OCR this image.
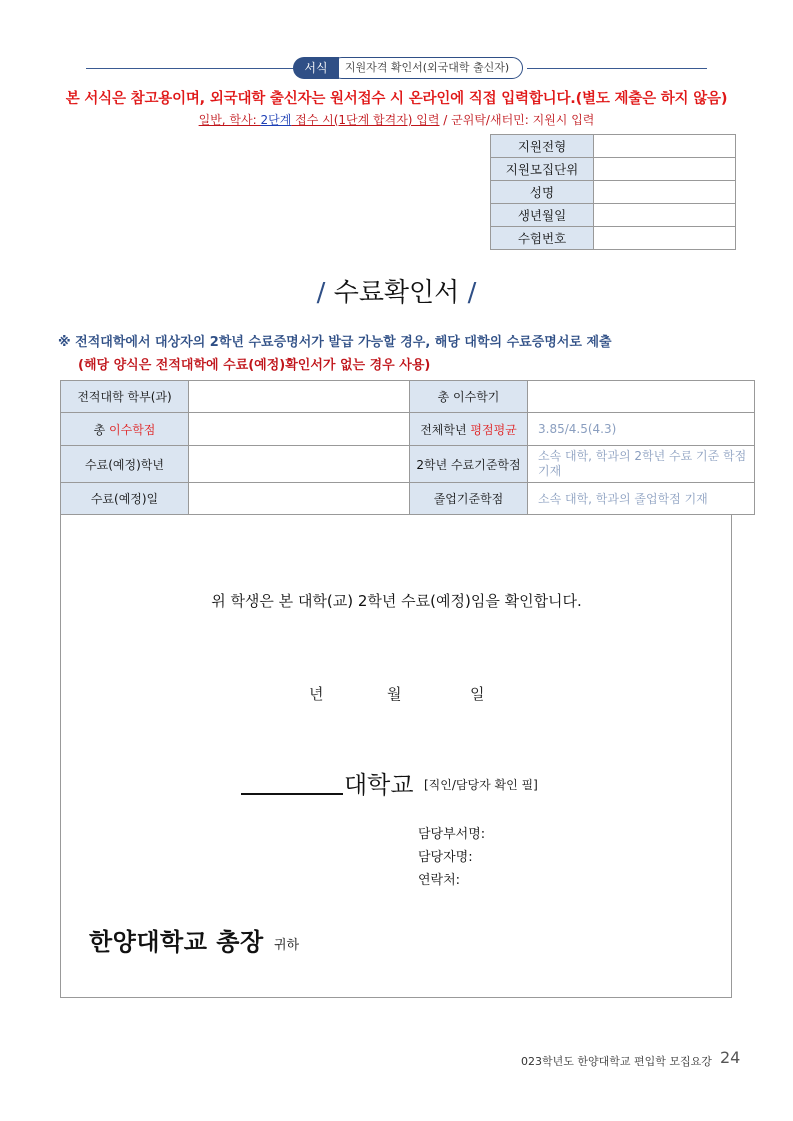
지원자격 확인서(외국대학 출신자)
서식
본 서식은 참고용이며, 외국대학 출신자는 원서접수 시 온라인에 직접 입력합니다.(별도 제출은 하지 않음)
일반, 학사: 2단계 접수 시(1단계 합격자) 입력 / 군위탁/새터민: 지원시 입력
지원전형	
지원모집단위	
성명	
생년월일	
수험번호	
/ 수료확인서 /
※ 전적대학에서 대상자의 2학년 수료증명서가 발급 가능할 경우, 해당 대학의 수료증명서로 제출
(해당 양식은 전적대학에 수료(예정)확인서가 없는 경우 사용)
전적대학 학부(과)		총 이수학기	
총 이수학점		전체학년 평점평균	3.85/4.5(4.3)
수료(예정)학년		2학년 수료기준학점	소속 대학, 학과의 2학년 수료 기준 학점 기재
수료(예정)일		졸업기준학점	소속 대학, 학과의 졸업학점 기재
위 학생은 본 대학(교) 2학년 수료(예정)임을 확인합니다.
년	월	일
대학교 [직인/담당자 확인 필]
담당부서명:
담당자명:
연락처:
한양대학교 총장 귀하
023학년도 한양대학교 편입학 모집요강 24
